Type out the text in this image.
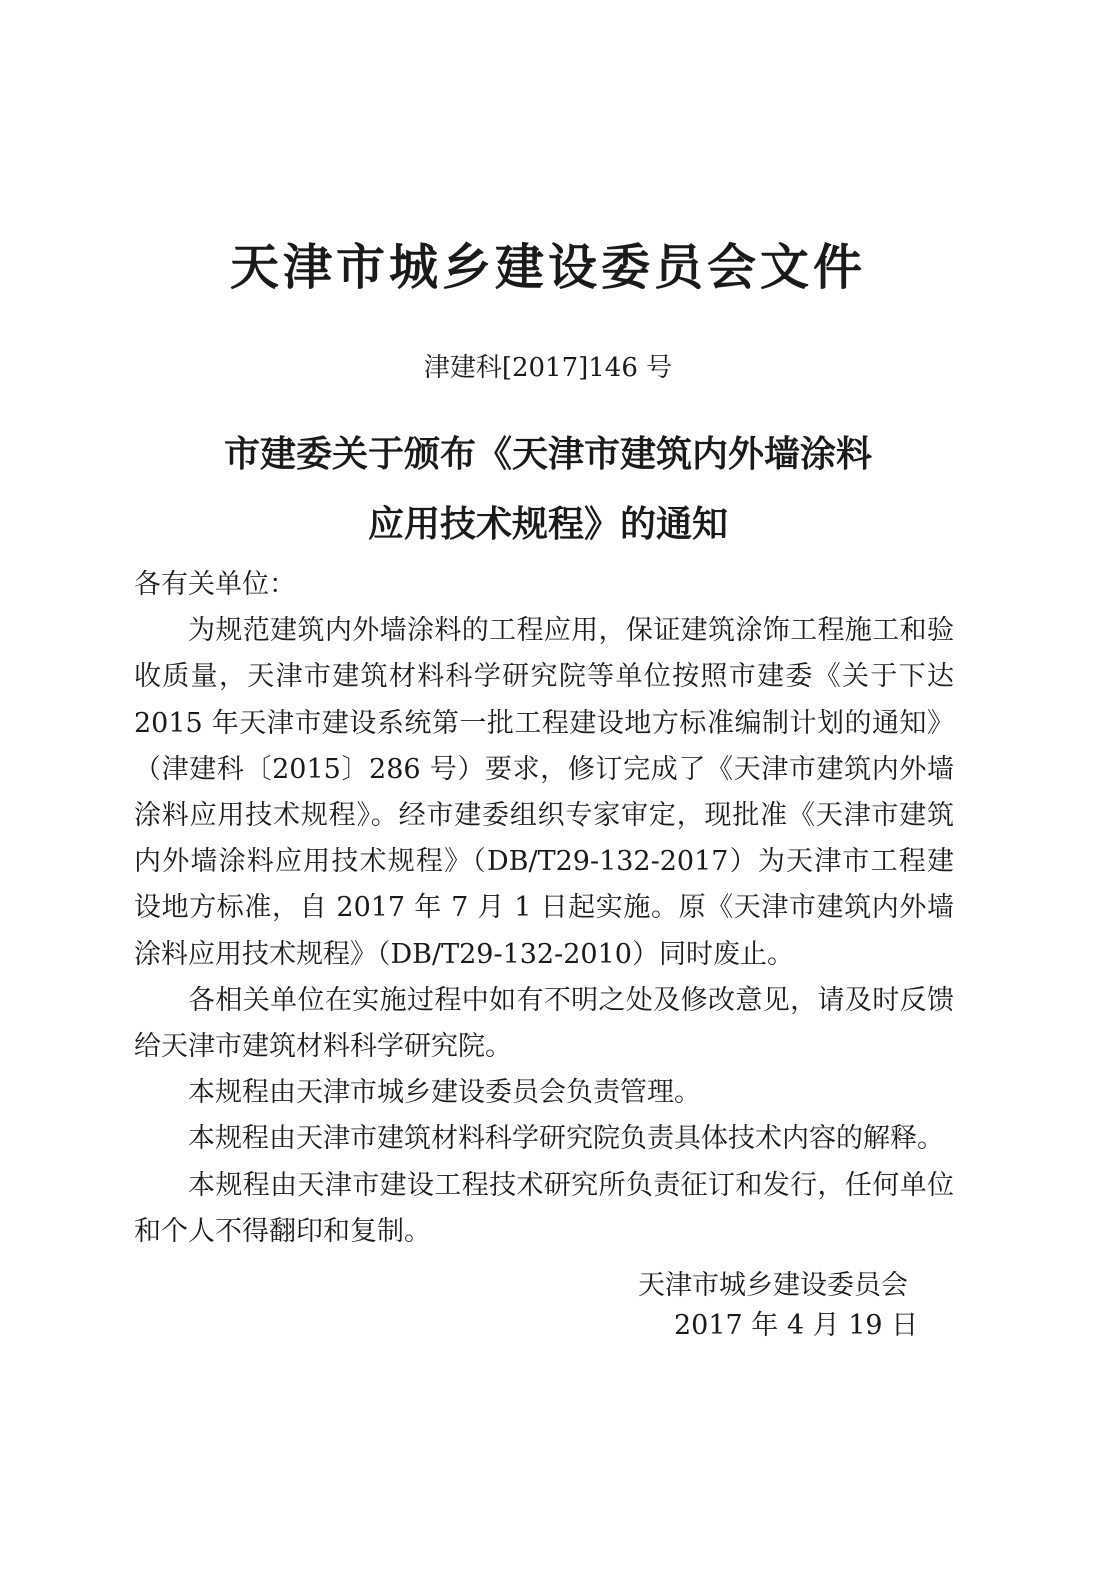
天津市城乡建设委员会文件
津建科[2017]146 号
市建委关于颁布《天津市建筑内外墙涂料
应用技术规程》的通知

各有关单位：

为规范建筑内外墙涂料的工程应用，保证建筑涂饰工程施工和验收质量，天津市建筑材料科学研究院等单位按照市建委《关于下达 2015 年天津市建设系统第一批工程建设地方标准编制计划的通知》（津建科〔2015〕286 号）要求，修订完成了《天津市建筑内外墙涂料应用技术规程》。经市建委组织专家审定，现批准《天津市建筑内外墙涂料应用技术规程》（DB/T29-132-2017）为天津市工程建设地方标准，自 2017 年 7 月 1 日起实施。原《天津市建筑内外墙涂料应用技术规程》（DB/T29-132-2010）同时废止。

各相关单位在实施过程中如有不明之处及修改意见，请及时反馈给天津市建筑材料科学研究院。

本规程由天津市城乡建设委员会负责管理。

本规程由天津市建筑材料科学研究院负责具体技术内容的解释。

本规程由天津市建设工程技术研究所负责征订和发行，任何单位和个人不得翻印和复制。

天津市城乡建设委员会
2017 年 4 月 19 日
